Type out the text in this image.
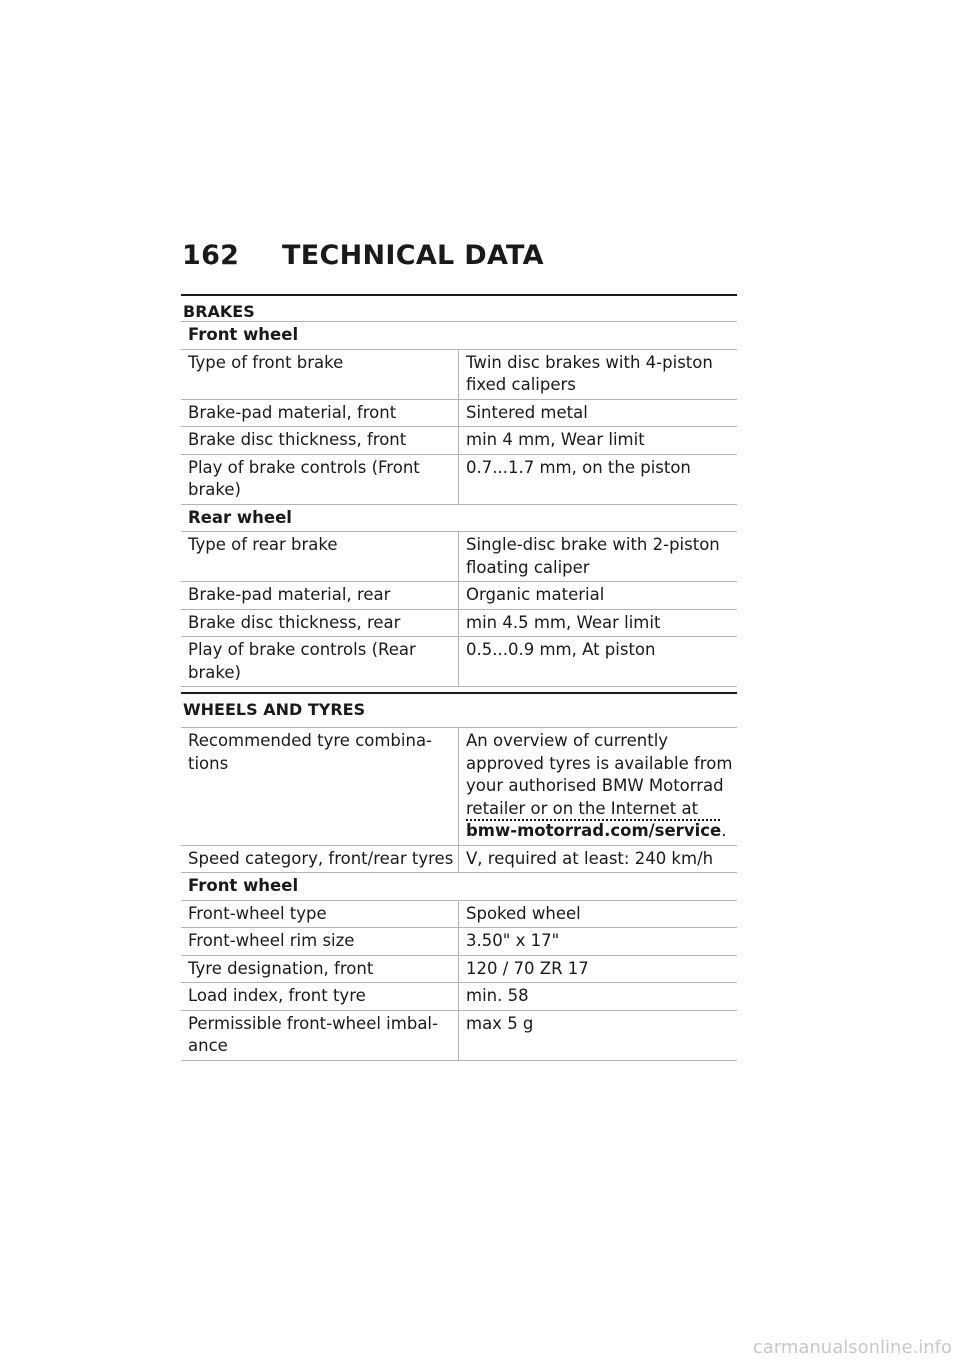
162 TECHNICAL DATA
BRAKES
Front wheel	
Type of front brake	Twin disc brakes with 4-piston fixed calipers
Brake-pad material, front	Sintered metal
Brake disc thickness, front	min 4 mm, Wear limit
Play of brake controls (Front brake)	0.7...1.7 mm, on the piston
Rear wheel	
Type of rear brake	Single-disc brake with 2-piston floating caliper
Brake-pad material, rear	Organic material
Brake disc thickness, rear	min 4.5 mm, Wear limit
Play of brake controls (Rear brake)	0.5...0.9 mm, At piston
WHEELS AND TYRES
Recommended tyre combina- tions	An overview of currently approved tyres is available from your authorised BMW Motorrad retailer or on the Internet at bmw-motorrad.com/service.
Speed category, front/rear tyres	V, required at least: 240 km/h
Front wheel	
Front-wheel type	Spoked wheel
Front-wheel rim size	3.50" x 17"
Tyre designation, front	120 / 70 ZR 17
Load index, front tyre	min. 58
Permissible front-wheel imbal- ance	max 5 g
carmanualsonline.info
